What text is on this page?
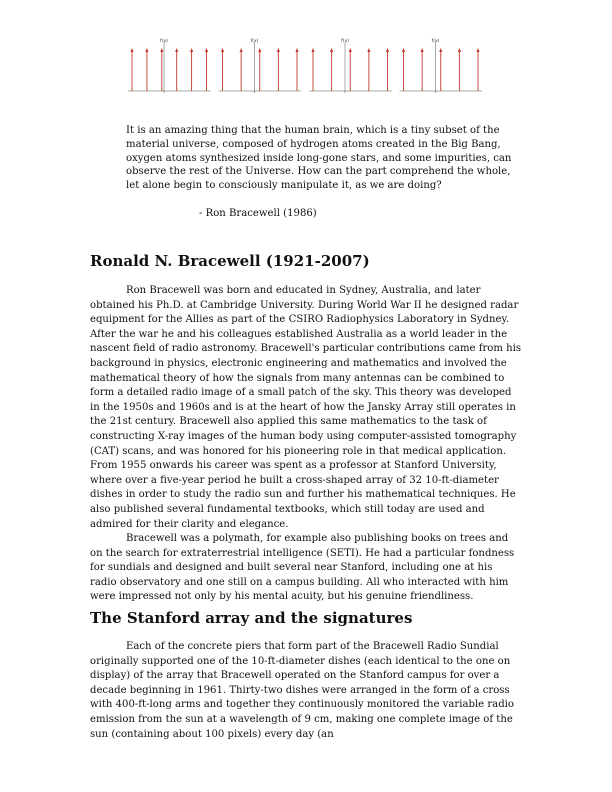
f(x)	f(x)	f(x)	f(x)

It is an amazing thing that the human brain, which is a tiny subset of the material universe, composed of hydrogen atoms created in the Big Bang, oxygen atoms synthesized inside long-gone stars, and some impurities, can observe the rest of the Universe. How can the part comprehend the whole, let alone begin to consciously manipulate it, as we are doing?

- Ron Bracewell (1986)

Ronald N. Bracewell (1921-2007)

Ron Bracewell was born and educated in Sydney, Australia, and later obtained his Ph.D. at Cambridge University. During World War II he designed radar equipment for the Allies as part of the CSIRO Radiophysics Laboratory in Sydney. After the war he and his colleagues established Australia as a world leader in the nascent field of radio astronomy. Bracewell's particular contributions came from his background in physics, electronic engineering and mathematics and involved the mathematical theory of how the signals from many antennas can be combined to form a detailed radio image of a small patch of the sky. This theory was developed in the 1950s and 1960s and is at the heart of how the Jansky Array still operates in the 21st century. Bracewell also applied this same mathematics to the task of constructing X-ray images of the human body using computer-assisted tomography (CAT) scans, and was honored for his pioneering role in that medical application. From 1955 onwards his career was spent as a professor at Stanford University, where over a five-year period he built a cross-shaped array of 32 10-ft-diameter dishes in order to study the radio sun and further his mathematical techniques. He also published several fundamental textbooks, which still today are used and admired for their clarity and elegance.

Bracewell was a polymath, for example also publishing books on trees and on the search for extraterrestrial intelligence (SETI). He had a particular fondness for sundials and designed and built several near Stanford, including one at his radio observatory and one still on a campus building. All who interacted with him were impressed not only by his mental acuity, but his genuine friendliness.

The Stanford array and the signatures

Each of the concrete piers that form part of the Bracewell Radio Sundial originally supported one of the 10-ft-diameter dishes (each identical to the one on display) of the array that Bracewell operated on the Stanford campus for over a decade beginning in 1961. Thirty-two dishes were arranged in the form of a cross with 400-ft-long arms and together they continuously monitored the variable radio emission from the sun at a wavelength of 9 cm, making one complete image of the sun (containing about 100 pixels) every day (an
